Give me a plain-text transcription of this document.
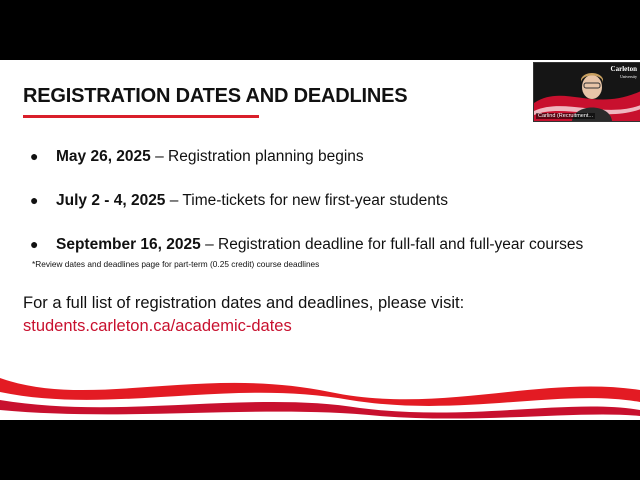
REGISTRATION DATES AND DEADLINES
● May 26, 2025 – Registration planning begins
● July 2 - 4, 2025 – Time-tickets for new first-year students
● September 16, 2025 – Registration deadline for full-fall and full-year courses
*Review dates and deadlines page for part-term (0.25 credit) course deadlines
For a full list of registration dates and deadlines, please visit:
students.carleton.ca/academic-dates
Carleton
University
Carlind (Recruitment...
